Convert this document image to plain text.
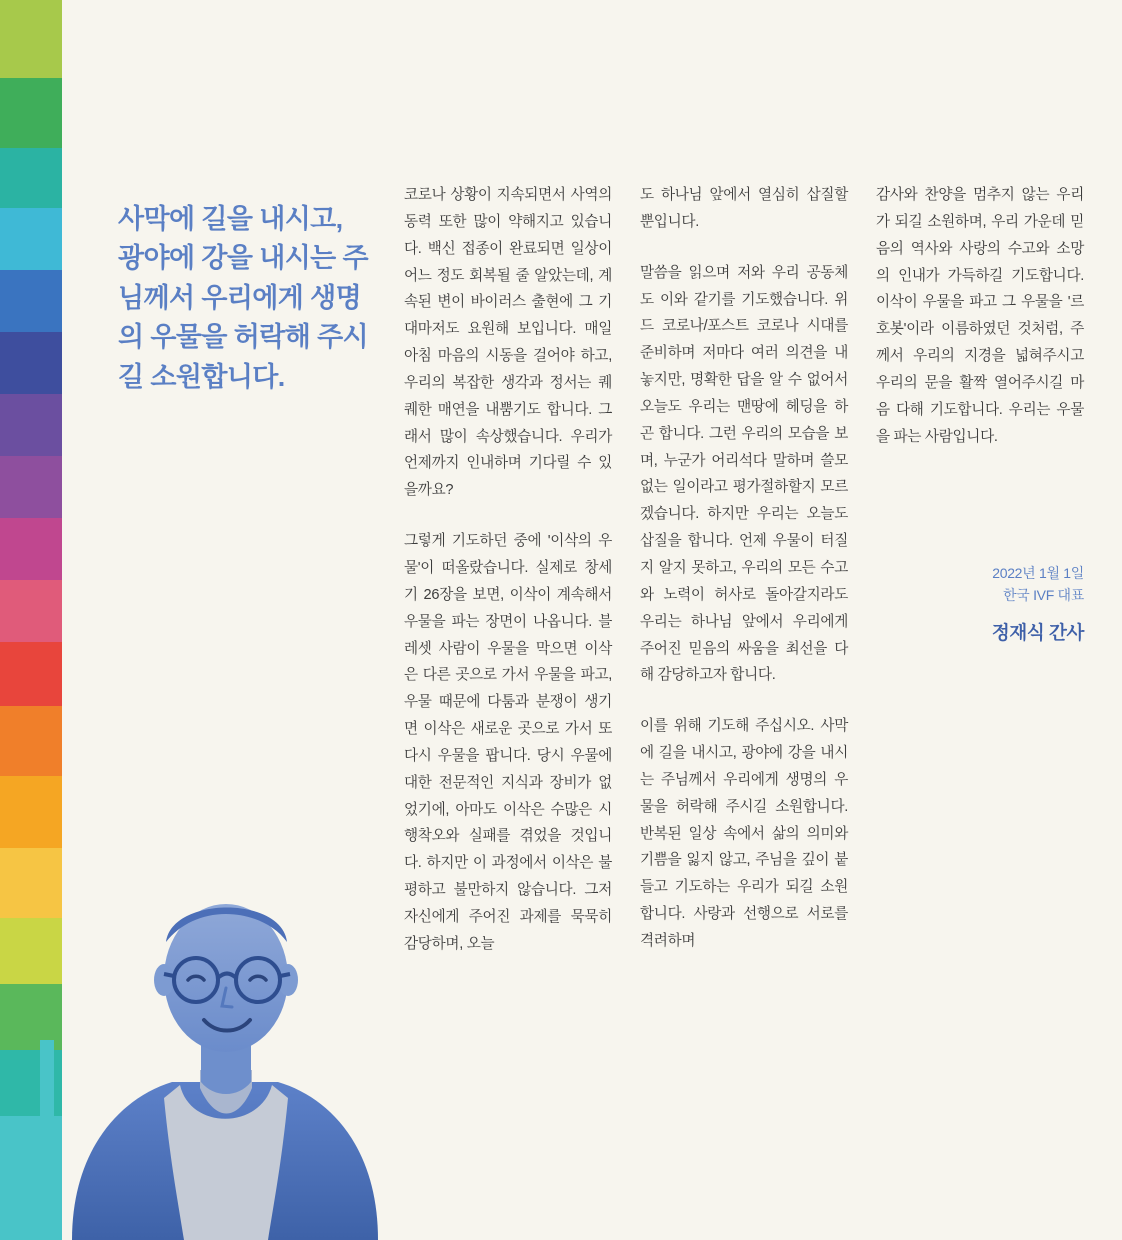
사막에 길을 내시고, 광야에 강을 내시는 주님께서 우리에게 생명의 우물을 허락해 주시길 소원합니다.

코로나 상황이 지속되면서 사역의 동력 또한 많이 약해지고 있습니다. 백신 접종이 완료되면 일상이 어느 정도 회복될 줄 알았는데, 계속된 변이 바이러스 출현에 그 기대마저도 요원해 보입니다. 매일 아침 마음의 시동을 걸어야 하고, 우리의 복잡한 생각과 정서는 퀘퀘한 매연을 내뿜기도 합니다. 그래서 많이 속상했습니다. 우리가 언제까지 인내하며 기다릴 수 있을까요?

그렇게 기도하던 중에 '이삭의 우물'이 떠올랐습니다. 실제로 창세기 26장을 보면, 이삭이 계속해서 우물을 파는 장면이 나옵니다. 블레셋 사람이 우물을 막으면 이삭은 다른 곳으로 가서 우물을 파고, 우물 때문에 다툼과 분쟁이 생기면 이삭은 새로운 곳으로 가서 또 다시 우물을 팝니다. 당시 우물에 대한 전문적인 지식과 장비가 없었기에, 아마도 이삭은 수많은 시행착오와 실패를 겪었을 것입니다. 하지만 이 과정에서 이삭은 불평하고 불만하지 않습니다. 그저 자신에게 주어진 과제를 묵묵히 감당하며, 오늘

도 하나님 앞에서 열심히 삽질할 뿐입니다.

말씀을 읽으며 저와 우리 공동체도 이와 같기를 기도했습니다. 위드 코로나/포스트 코로나 시대를 준비하며 저마다 여러 의견을 내놓지만, 명확한 답을 알 수 없어서 오늘도 우리는 맨땅에 헤딩을 하곤 합니다. 그런 우리의 모습을 보며, 누군가 어리석다 말하며 쓸모없는 일이라고 평가절하할지 모르겠습니다. 하지만 우리는 오늘도 삽질을 합니다. 언제 우물이 터질지 알지 못하고, 우리의 모든 수고와 노력이 허사로 돌아갈지라도 우리는 하나님 앞에서 우리에게 주어진 믿음의 싸움을 최선을 다해 감당하고자 합니다.

이를 위해 기도해 주십시오. 사막에 길을 내시고, 광야에 강을 내시는 주님께서 우리에게 생명의 우물을 허락해 주시길 소원합니다. 반복된 일상 속에서 삶의 의미와 기쁨을 잃지 않고, 주님을 깊이 붙들고 기도하는 우리가 되길 소원합니다. 사랑과 선행으로 서로를 격려하며

감사와 찬양을 멈추지 않는 우리가 되길 소원하며, 우리 가운데 믿음의 역사와 사랑의 수고와 소망의 인내가 가득하길 기도합니다. 이삭이 우물을 파고 그 우물을 '르호봇'이라 이름하였던 것처럼, 주께서 우리의 지경을 넓혀주시고 우리의 문을 활짝 열어주시길 마음 다해 기도합니다. 우리는 우물을 파는 사람입니다.

2022년 1월 1일
한국 IVF 대표
정재식 간사
